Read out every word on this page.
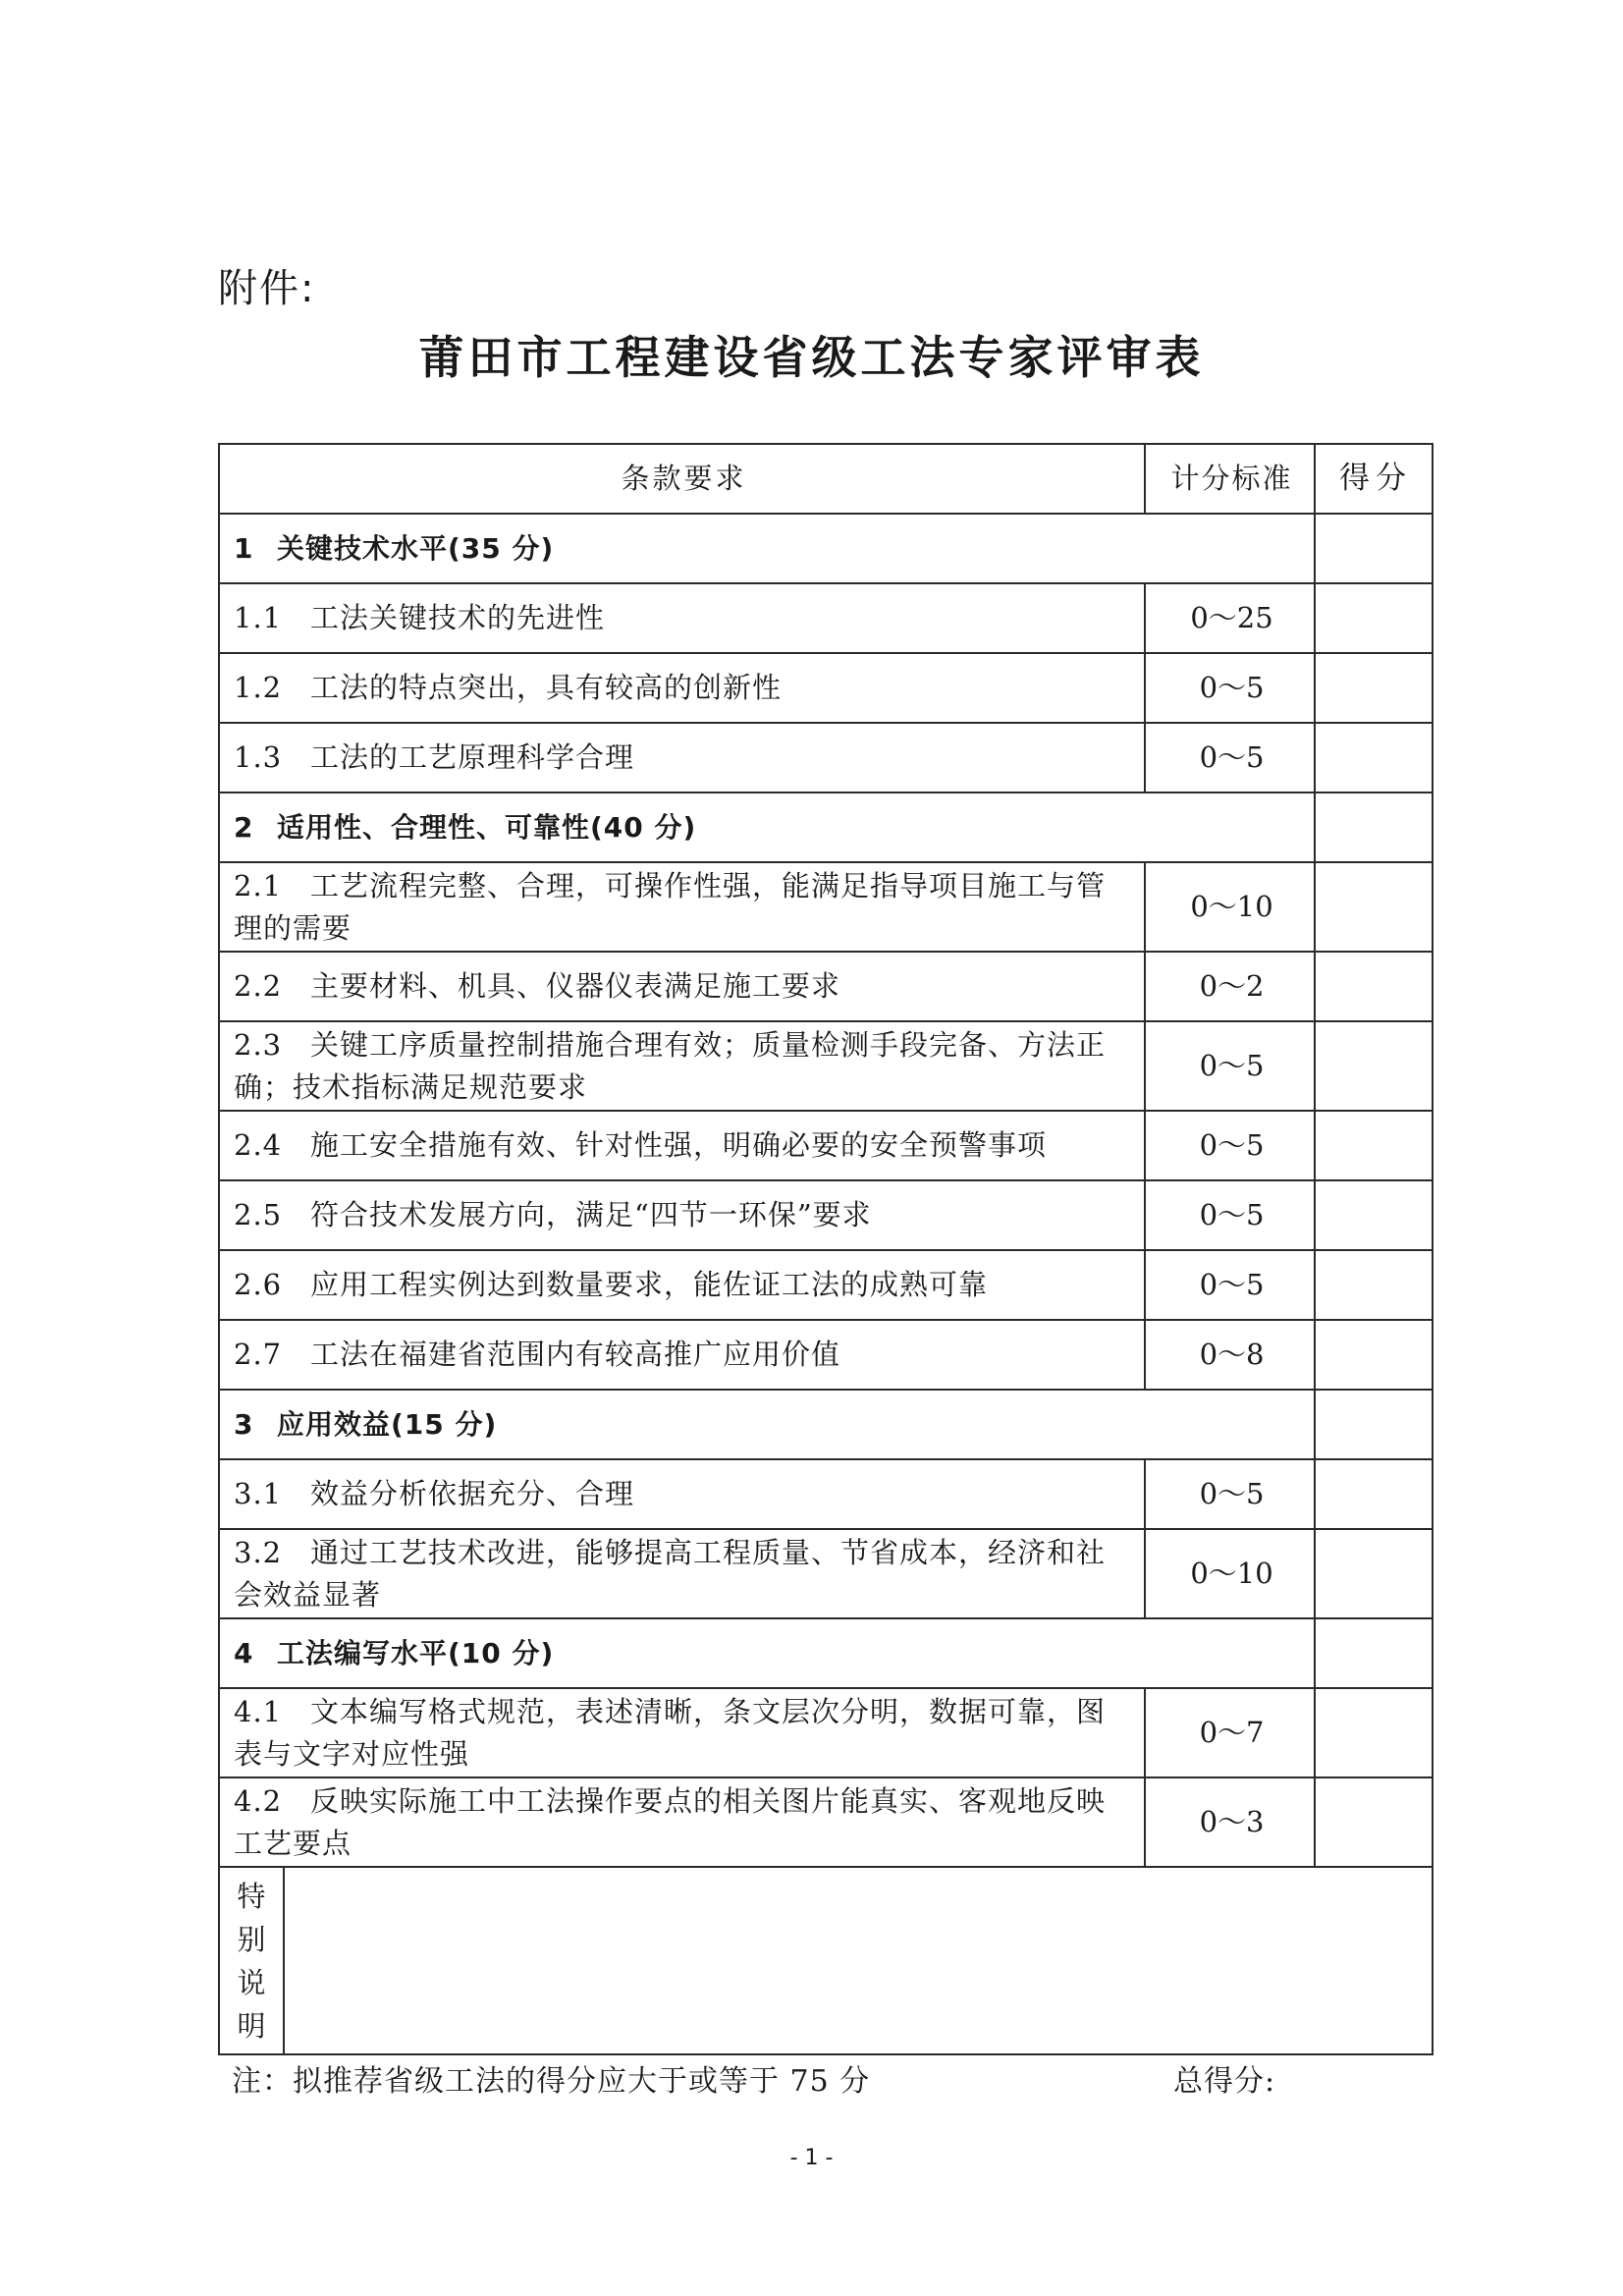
附件:
莆田市工程建设省级工法专家评审表
条款要求		计分标准	得分
1 关键技术水平(35 分)			
1.1 工法关键技术的先进性		0～25	
1.2 工法的特点突出，具有较高的创新性		0～5	
1.3 工法的工艺原理科学合理		0～5	
2 适用性、合理性、可靠性(40 分)			
2.1 工艺流程完整、合理，可操作性强，能满足指导项目施工与管理的需要		0～10	
2.2 主要材料、机具、仪器仪表满足施工要求		0～2	
2.3 关键工序质量控制措施合理有效；质量检测手段完备、方法正确；技术指标满足规范要求		0～5	
2.4 施工安全措施有效、针对性强，明确必要的安全预警事项		0～5	
2.5 符合技术发展方向，满足“四节一环保”要求		0～5	
2.6 应用工程实例达到数量要求，能佐证工法的成熟可靠		0～5	
2.7 工法在福建省范围内有较高推广应用价值		0～8	
3 应用效益(15 分)			
3.1 效益分析依据充分、合理		0～5	
3.2 通过工艺技术改进，能够提高工程质量、节省成本，经济和社会效益显著		0～10	
4 工法编写水平(10 分)			
4.1 文本编写格式规范，表述清晰，条文层次分明，数据可靠，图表与文字对应性强		0～7	
4.2 反映实际施工中工法操作要点的相关图片能真实、客观地反映工艺要点		0～3	

特
别
说
明			

注：拟推荐省级工法的得分应大于或等于 75 分	总得分:
- 1 -
